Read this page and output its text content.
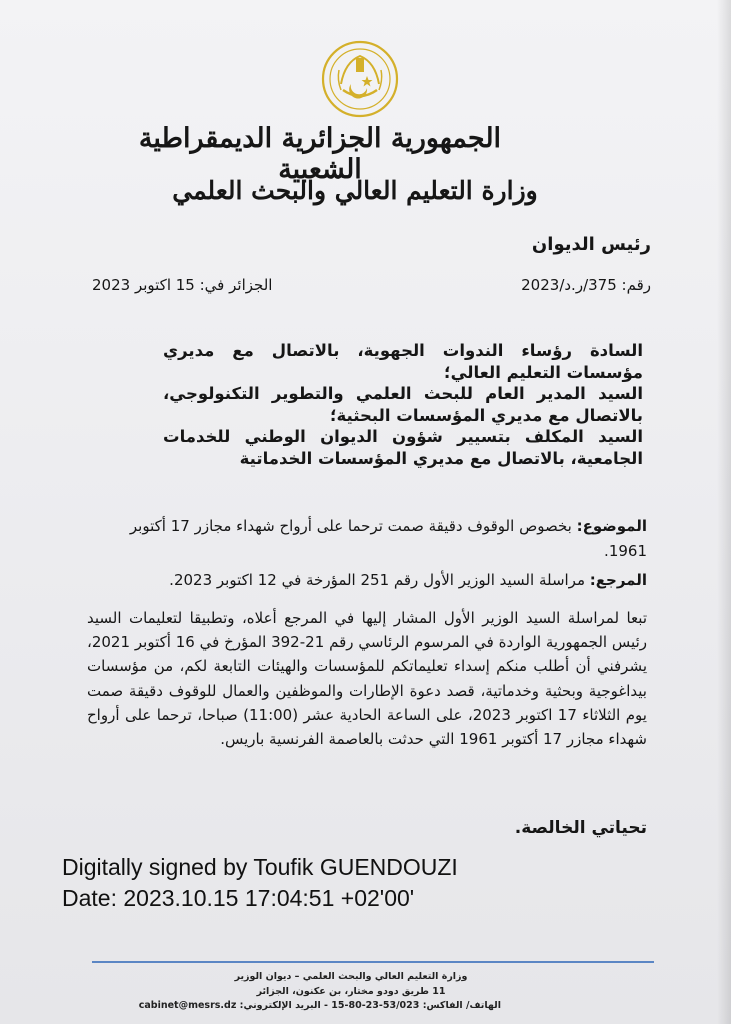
الجمهورية الجزائرية الديمقراطية الشعبية
وزارة التعليم العالي والبحث العلمي
رئيس الديوان
رقم: 375/ر.د/2023
الجزائر في: 15 اكتوبر 2023

السادة رؤساء الندوات الجهوية، بالاتصال مع مديري مؤسسات التعليم العالي؛

السيد المدير العام للبحث العلمي والتطوير التكنولوجي، بالاتصال مع مديري المؤسسات البحثية؛

السيد المكلف بتسيير شؤون الديوان الوطني للخدمات الجامعية، بالاتصال مع مديري المؤسسات الخدماتية

الموضوع: بخصوص الوقوف دقيقة صمت ترحما على أرواح شهداء مجازر 17 أكتوبر 1961.
المرجع: مراسلة السيد الوزير الأول رقم 251 المؤرخة في 12 اكتوبر 2023.
تبعا لمراسلة السيد الوزير الأول المشار إليها في المرجع أعلاه، وتطبيقا لتعليمات السيد رئيس الجمهورية الواردة في المرسوم الرئاسي رقم 21-392 المؤرخ في 16 أكتوبر 2021، يشرفني أن أطلب منكم إسداء تعليماتكم للمؤسسات والهيئات التابعة لكم، من مؤسسات بيداغوجية وبحثية وخدماتية، قصد دعوة الإطارات والموظفين والعمال للوقوف دقيقة صمت يوم الثلاثاء 17 اكتوبر 2023، على الساعة الحادية عشر (11:00) صباحا، ترحما على أرواح شهداء مجازر 17 أكتوبر 1961 التي حدثت بالعاصمة الفرنسية باريس.
تحياتي الخالصة.
Digitally signed by Toufik GUENDOUZI
Date: 2023.10.15 17:04:51 +02'00'

وزارة التعليم العالي والبحث العلمي – ديوان الوزير

11 طريق دودو مختار، بن عكنون، الجزائر

الهاتف/ الفاكس: 53/023-23-80-15 - البريد الإلكتروني: cabinet@mesrs.dz
